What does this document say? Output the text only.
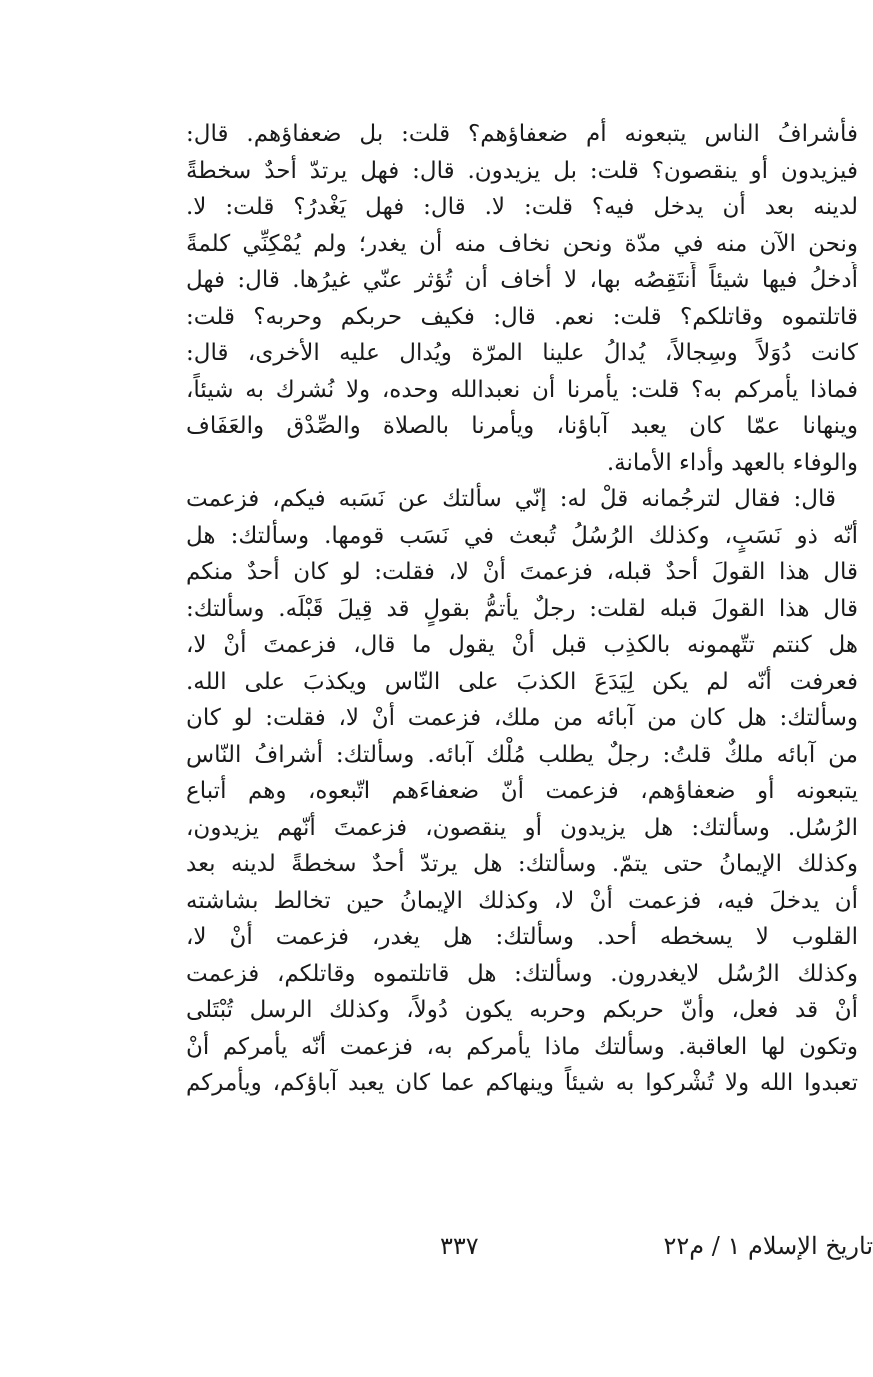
فأشرافُ الناس يتبعونه أم ضعفاؤهم؟ قلت: بل ضعفاؤهم. قال:
فيزيدون أو ينقصون؟ قلت: بل يزيدون. قال: فهل يرتدّ أحدٌ سخطةً
لدينه بعد أن يدخل فيه؟ قلت: لا. قال: فهل يَغْدرُ؟ قلت: لا.
ونحن الآن منه في مدّة ونحن نخاف منه أن يغدر؛ ولم يُمْكِنِّي كلمةً
أُدخلُ فيها شيئاً أَنتَقِصُه بها، لا أخاف أن تُؤثر عنّي غيرُها. قال: فهل
قاتلتموه وقاتلكم؟ قلت: نعم. قال: فكيف حربكم وحربه؟ قلت:
كانت دُوَلاً وسِجالاً، يُدالُ علينا المرّة ويُدال عليه الأخرى، قال:
فماذا يأمركم به؟ قلت: يأمرنا أن نعبدالله وحده، ولا نُشرك به شيئاً،
وينهانا عمّا كان يعبد آباؤنا، ويأمرنا بالصلاة والصِّدْق والعَفَاف
والوفاء بالعهد وأداء الأمانة.
قال: فقال لترجُمانه قلْ له: إنّي سألتك عن نَسَبه فيكم، فزعمت
أنّه ذو نَسَبٍ، وكذلك الرُسُلُ تُبعث في نَسَب قومها. وسألتك: هل
قال هذا القولَ أحدٌ قبله، فزعمتَ أنْ لا، فقلت: لو كان أحدٌ منكم
قال هذا القولَ قبله لقلت: رجلٌ يأتمُّ بقولٍ قد قِيلَ قَبْلَه. وسألتك:
هل كنتم تتّهمونه بالكذِب قبل أنْ يقول ما قال، فزعمتَ أنْ لا،
فعرفت أنّه لم يكن لِيَدَعَ الكذبَ على النّاس ويكذبَ على الله.
وسألتك: هل كان من آبائه من ملك، فزعمت أنْ لا، فقلت: لو كان
من آبائه ملكٌ قلتُ: رجلٌ يطلب مُلْك آبائه. وسألتك: أشرافُ النّاس
يتبعونه أو ضعفاؤهم، فزعمت أنّ ضعفاءَهم اتّبعوه، وهم أتباع
الرُسُل. وسألتك: هل يزيدون أو ينقصون، فزعمتَ أنّهم يزيدون،
وكذلك الإيمانُ حتى يتمّ. وسألتك: هل يرتدّ أحدٌ سخطةً لدينه بعد
أن يدخلَ فيه، فزعمت أنْ لا، وكذلك الإيمانُ حين تخالط بشاشته
القلوب لا يسخطه أحد. وسألتك: هل يغدر، فزعمت أنْ لا،
وكذلك الرُسُل لايغدرون. وسألتك: هل قاتلتموه وقاتلكم، فزعمت
أنْ قد فعل، وأنّ حربكم وحربه يكون دُولاً، وكذلك الرسل تُبْتَلى
وتكون لها العاقبة. وسألتك ماذا يأمركم به، فزعمت أنّه يأمركم أنْ
تعبدوا الله ولا تُشْركوا به شيئاً وينهاكم عما كان يعبد آباؤكم، ويأمركم
تاريخ الإسلام ١ / م٢٢
٣٣٧
